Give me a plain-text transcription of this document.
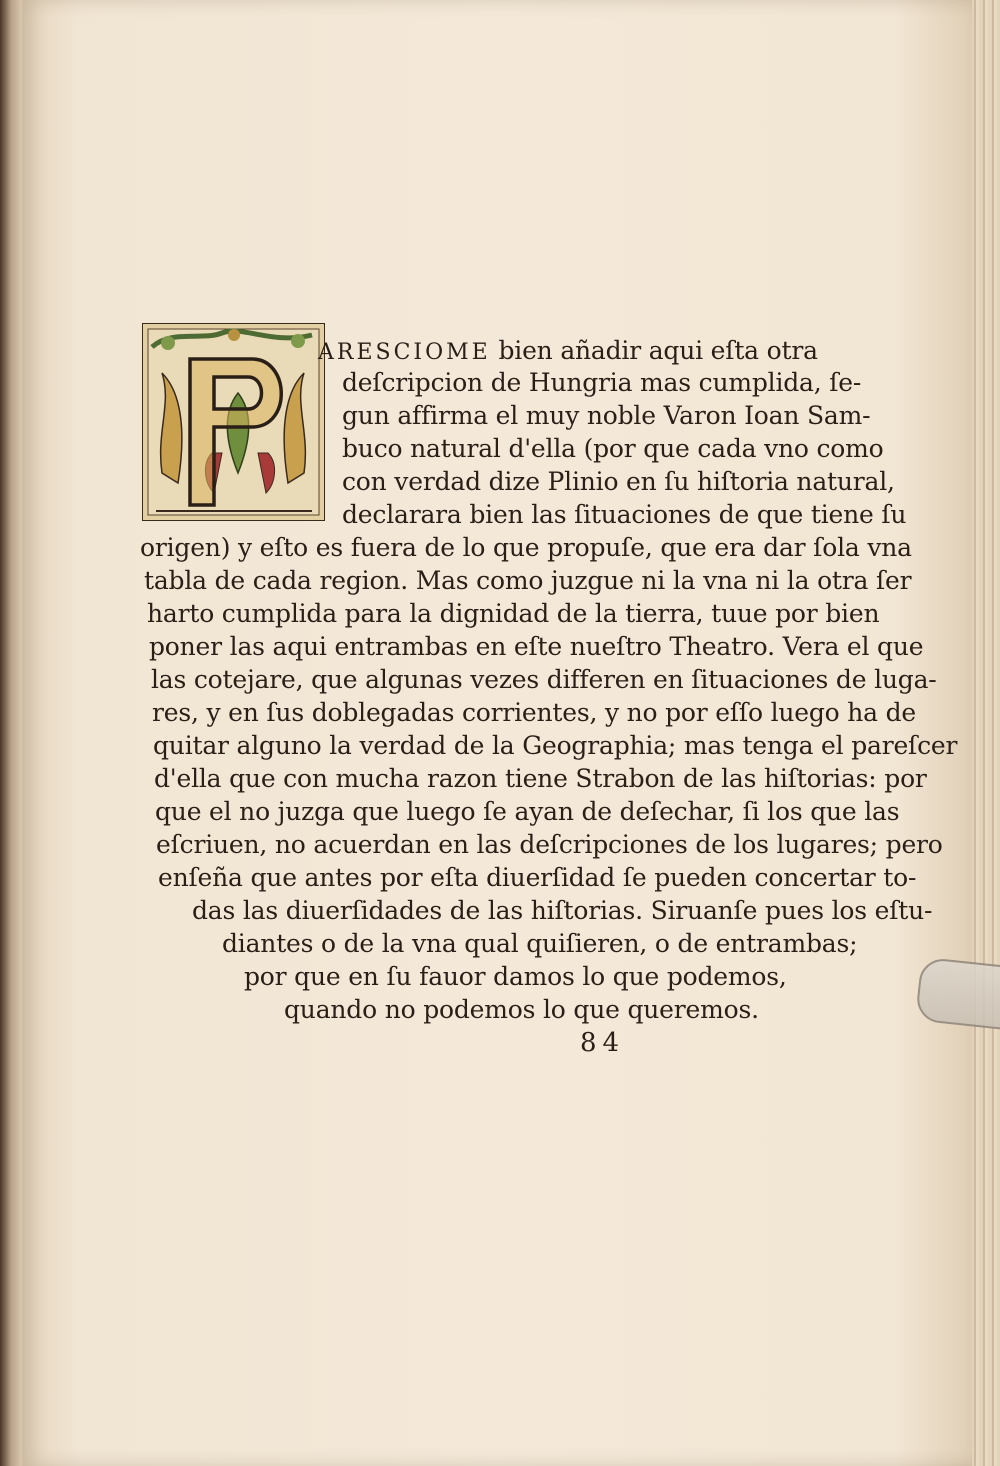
ARESCIOME bien añadir aqui eſta otra
deſcripcion de Hungria mas cumplida, ſe-
gun affirma el muy noble Varon Ioan Sam-
buco natural d'ella (por que cada vno como
con verdad dize Plinio en ſu hiſtoria natural,
declarara bien las ſituaciones de que tiene ſu
origen) y eſto es fuera de lo que propuſe, que era dar ſola vna
tabla de cada region. Mas como juzgue ni la vna ni la otra ſer
harto cumplida para la dignidad de la tierra, tuue por bien
poner las aqui entrambas en eſte nueſtro Theatro. Vera el que
las cotejare, que algunas vezes differen en ſituaciones de luga-
res, y en ſus doblegadas corrientes, y no por eſſo luego ha de
quitar alguno la verdad de la Geographia; mas tenga el pareſcer
d'ella que con mucha razon tiene Strabon de las hiſtorias: por
que el no juzga que luego ſe ayan de deſechar, ſi los que las
eſcriuen, no acuerdan en las deſcripciones de los lugares; pero
enſeña que antes por eſta diuerſidad ſe pueden concertar to-
das las diuerſidades de las hiſtorias. Siruanſe pues los eſtu-
diantes o de la vna qual quiſieren, o de entrambas;
por que en ſu fauor damos lo que podemos,
quando no podemos lo que queremos.
84
